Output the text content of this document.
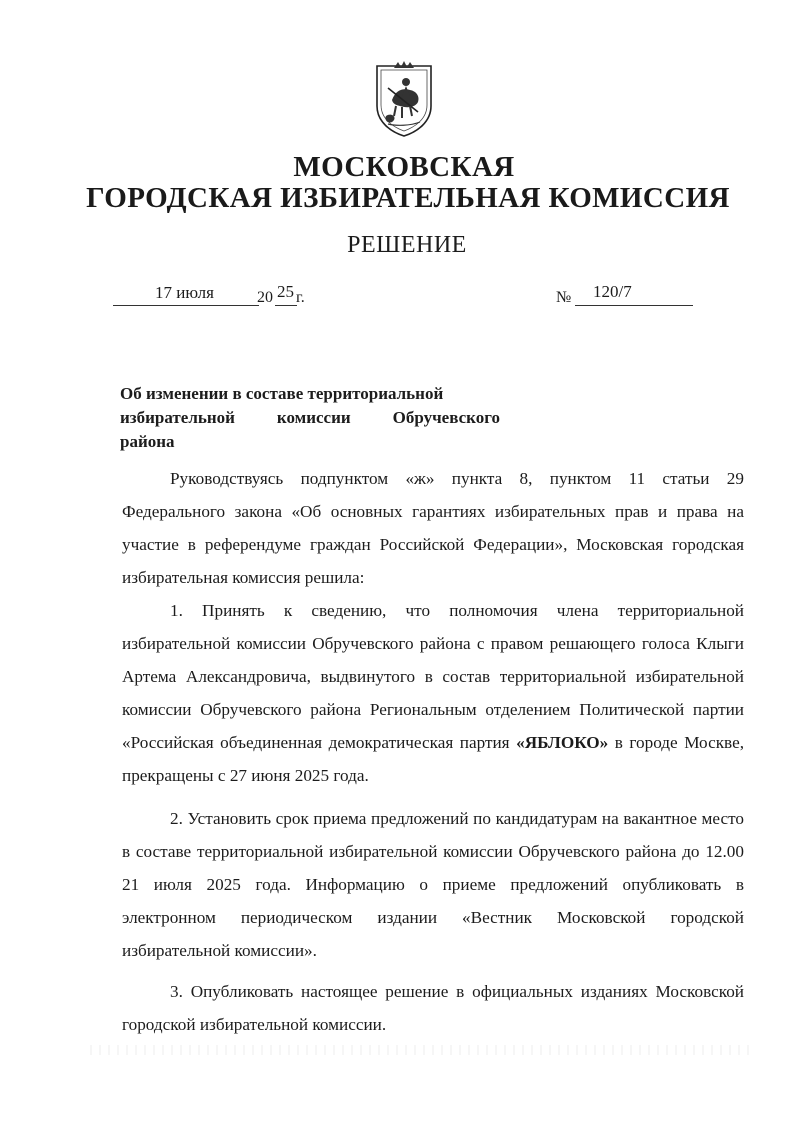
МОСКОВСКАЯ
ГОРОДСКАЯ ИЗБИРАТЕЛЬНАЯ КОМИССИЯ
РЕШЕНИЕ
17 июля	20 25 г.	№ 120/7
Об изменении в составе территориальной
избирательной комиссии Обручевского
района

Руководствуясь подпунктом «ж» пункта 8, пунктом 11 статьи 29 Федерального закона «Об основных гарантиях избирательных прав и права на участие в референдуме граждан Российской Федерации», Московская городская избирательная комиссия решила:

1. Принять к сведению, что полномочия члена территориальной избирательной комиссии Обручевского района с правом решающего голоса Клыги Артема Александровича, выдвинутого в состав территориальной избирательной комиссии Обручевского района Региональным отделением Политической партии «Российская объединенная демократическая партия «ЯБЛОКО» в городе Москве, прекращены с 27 июня 2025 года.

2. Установить срок приема предложений по кандидатурам на вакантное место в составе территориальной избирательной комиссии Обручевского района до 12.00 21 июля 2025 года. Информацию о приеме предложений опубликовать в электронном периодическом издании «Вестник Московской городской избирательной комиссии».

3. Опубликовать настоящее решение в официальных изданиях Московской городской избирательной комиссии.
